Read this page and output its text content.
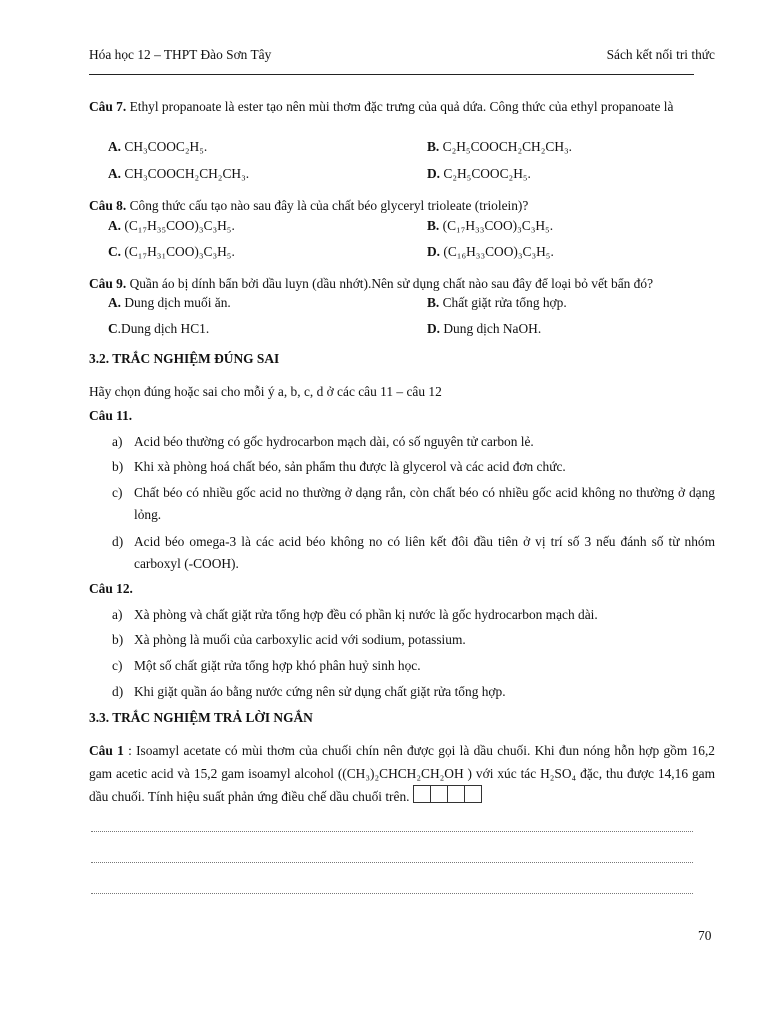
Hóa học 12 – THPT Đào Sơn Tây	Sách kết nối tri thức
Câu 7. Ethyl propanoate là ester tạo nên mùi thơm đặc trưng của quả dứa. Công thức của ethyl propanoate là
A. CH₃COOC₂H₅.	B. C₂H₅COOCH₂CH₂CH₃.
A. CH₃COOCH₂CH₂CH₃.	D. C₂H₅COOC₂H₅.
Câu 8. Công thức cấu tạo nào sau đây là của chất béo glyceryl trioleate (triolein)?
A. (C₁₇H₃₅COO)₃C₃H₅.	B. (C₁₇H₃₃COO)₃C₃H₅.
C. (C₁₇H₃₁COO)₃C₃H₅.	D. (C₁₆H₃₃COO)₃C₃H₅.
Câu 9. Quần áo bị dính bẩn bởi dầu luyn (dầu nhớt).Nên sử dụng chất nào sau đây để loại bỏ vết bẩn đó?
A. Dung dịch muối ăn.	B. Chất giặt rửa tổng hợp.
C.Dung dịch HC1.	D. Dung dịch NaOH.
3.2. TRẮC NGHIỆM ĐÚNG SAI
Hãy chọn đúng hoặc sai cho mỗi ý a, b, c, d ở các câu 11 – câu 12
Câu 11.
a) Acid béo thường có gốc hydrocarbon mạch dài, có số nguyên tử carbon lẻ.
b) Khi xà phòng hoá chất béo, sản phẩm thu được là glycerol và các acid đơn chức.
c) Chất béo có nhiều gốc acid no thường ở dạng rắn, còn chất béo có nhiều gốc acid không no thường ở dạng lỏng.
d) Acid béo omega-3 là các acid béo không no có liên kết đôi đầu tiên ở vị trí số 3 nếu đánh số từ nhóm carboxyl (-COOH).
Câu 12.
a) Xà phòng và chất giặt rửa tổng hợp đều có phần kị nước là gốc hydrocarbon mạch dài.
b) Xà phòng là muối của carboxylic acid với sodium, potassium.
c) Một số chất giặt rửa tổng hợp khó phân huỷ sinh học.
d) Khi giặt quần áo bằng nước cứng nên sử dụng chất giặt rửa tổng hợp.
3.3. TRẮC NGHIỆM TRẢ LỜI NGẮN
Câu 1 : Isoamyl acetate có mùi thơm của chuối chín nên được gọi là dầu chuối. Khi đun nóng hỗn hợp gồm 16,2 gam acetic acid và 15,2 gam isoamyl alcohol ((CH₃)₂CHCH₂CH₂OH ) với xúc tác H₂SO₄ đặc, thu được 14,16 gam dầu chuối. Tính hiệu suất phản ứng điều chế dầu chuối trên.
70
